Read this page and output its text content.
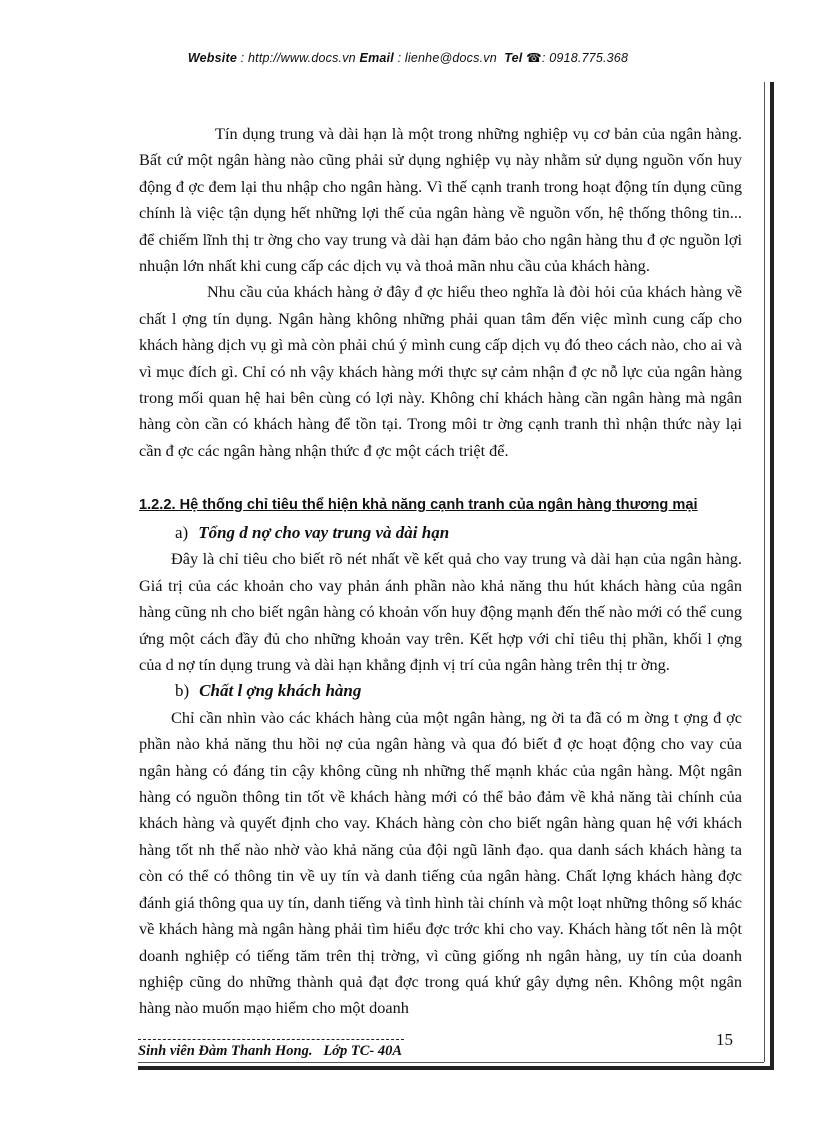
Website : http://www.docs.vn Email : lienhe@docs.vn Tel ☎: 0918.775.368

Tín dụng trung và dài hạn là một trong những nghiệp vụ cơ bản của ngân hàng. Bất cứ một ngân hàng nào cũng phải sử dụng nghiệp vụ này nhằm sử dụng nguồn vốn huy động đ ợc đem lại thu nhập cho ngân hàng. Vì thế cạnh tranh trong hoạt động tín dụng cũng chính là việc tận dụng hết những lợi thế của ngân hàng về nguồn vốn, hệ thống thông tin... để chiếm lĩnh thị tr ờng cho vay trung và dài hạn đảm bảo cho ngân hàng thu đ ợc nguồn lợi nhuận lớn nhất khi cung cấp các dịch vụ và thoả mãn nhu cầu của khách hàng.

Nhu cầu của khách hàng ở đây đ ợc hiểu theo nghĩa là đòi hỏi của khách hàng về chất l ợng tín dụng. Ngân hàng không những phải quan tâm đến việc mình cung cấp cho khách hàng dịch vụ gì mà còn phải chú ý mình cung cấp dịch vụ đó theo cách nào, cho ai và vì mục đích gì. Chỉ có nh vậy khách hàng mới thực sự cảm nhận đ ợc nỗ lực của ngân hàng trong mối quan hệ hai bên cùng có lợi này. Không chỉ khách hàng cần ngân hàng mà ngân hàng còn cần có khách hàng để tồn tại. Trong môi tr ờng cạnh tranh thì nhận thức này lại cần đ ợc các ngân hàng nhận thức đ ợc một cách triệt để.

1.2.2. Hệ thống chỉ tiêu thể hiện khả năng cạnh tranh của ngân hàng thương mại
a) Tổng d nợ cho vay trung và dài hạn

Đây là chỉ tiêu cho biết rõ nét nhất về kết quả cho vay trung và dài hạn của ngân hàng. Giá trị của các khoản cho vay phản ánh phần nào khả năng thu hút khách hàng của ngân hàng cũng nh cho biết ngân hàng có khoản vốn huy động mạnh đến thế nào mới có thể cung ứng một cách đầy đủ cho những khoản vay trên. Kết hợp với chỉ tiêu thị phần, khối l ợng của d nợ tín dụng trung và dài hạn khẳng định vị trí của ngân hàng trên thị tr ờng.

b) Chất l ợng khách hàng

Chỉ cần nhìn vào các khách hàng của một ngân hàng, ng ời ta đã có m ờng t ợng đ ợc phần nào khả năng thu hồi nợ của ngân hàng và qua đó biết đ ợc hoạt động cho vay của ngân hàng có đáng tin cậy không cũng nh những thế mạnh khác của ngân hàng. Một ngân hàng có nguồn thông tin tốt về khách hàng mới có thể bảo đảm về khả năng tài chính của khách hàng và quyết định cho vay. Khách hàng còn cho biết ngân hàng quan hệ với khách hàng tốt nh thế nào nhờ vào khả năng của đội ngũ lãnh đạo. qua danh sách khách hàng ta còn có thể có thông tin về uy tín và danh tiếng của ngân hàng. Chất lợng khách hàng đợc đánh giá thông qua uy tín, danh tiếng và tình hình tài chính và một loạt những thông số khác về khách hàng mà ngân hàng phải tìm hiểu đợc trớc khi cho vay. Khách hàng tốt nên là một doanh nghiệp có tiếng tăm trên thị trờng, vì cũng giống nh ngân hàng, uy tín của doanh nghiệp cũng do những thành quả đạt đợc trong quá khứ gây dựng nên. Không một ngân hàng nào muốn mạo hiểm cho một doanh

Sinh viên Đàm Thanh Hong. Lớp TC- 40A
15
